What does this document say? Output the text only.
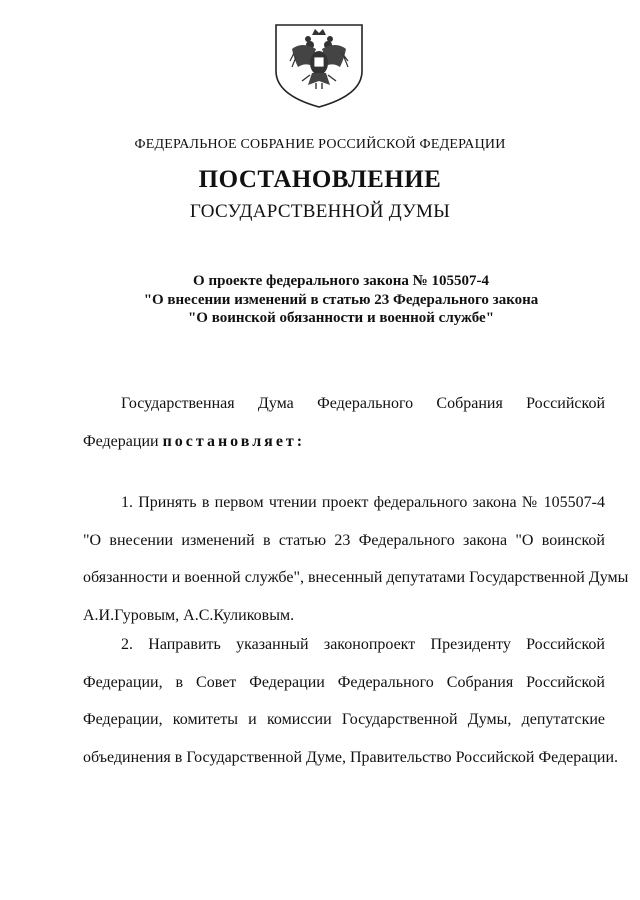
ФЕДЕРАЛЬНОЕ СОБРАНИЕ РОССИЙСКОЙ ФЕДЕРАЦИИ
ПОСТАНОВЛЕНИЕ
ГОСУДАРСТВЕННОЙ ДУМЫ
О проекте федерального закона № 105507-4
"О внесении изменений в статью 23 Федерального закона
"О воинской обязанности и военной службе"
Государственная Дума Федерального Собрания Российской
Федерации постановляет:
1. Принять в первом чтении проект федерального закона № 105507-4
"О внесении изменений в статью 23 Федерального закона "О воинской
обязанности и военной службе", внесенный депутатами Государственной Думы
А.И.Гуровым, А.С.Куликовым.
2. Направить указанный законопроект Президенту Российской
Федерации, в Совет Федерации Федерального Собрания Российской
Федерации, комитеты и комиссии Государственной Думы, депутатские
объединения в Государственной Думе, Правительство Российской Федерации.
